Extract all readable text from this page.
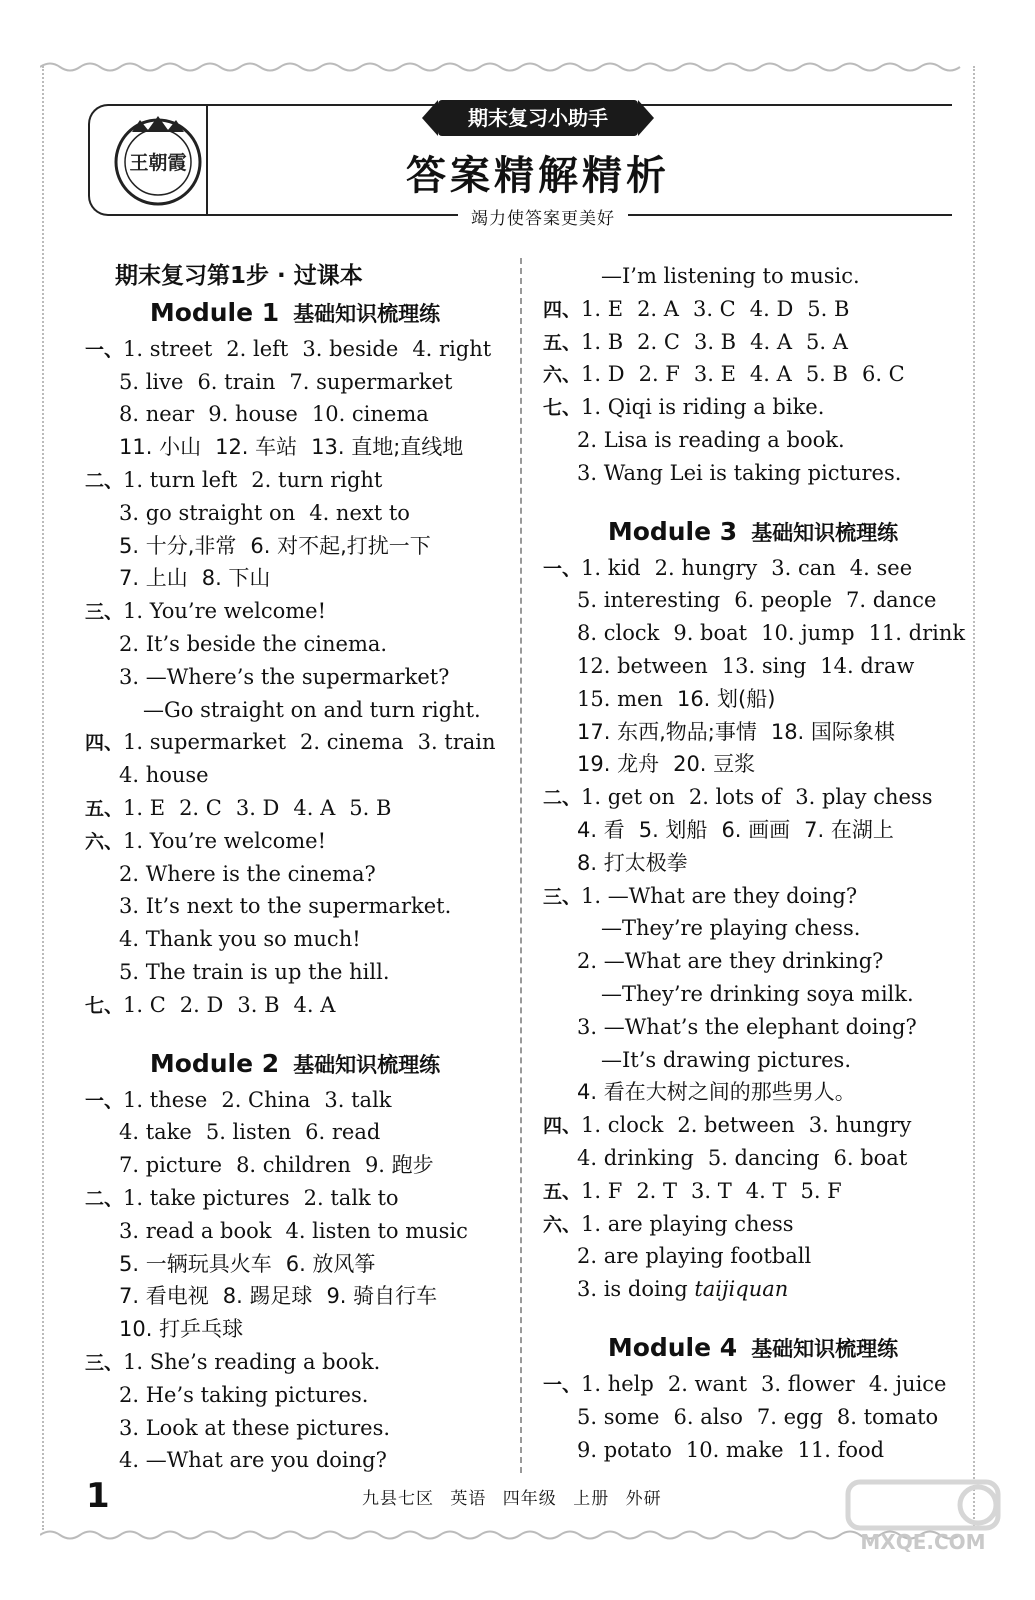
王朝霞
期末复习小助手
答案精解精析
竭力使答案更美好
期末复习第1步 · 过课本
Module 1 基础知识梳理练
一、1. street 2. left 3. beside 4. right
5. live 6. train 7. supermarket
8. near 9. house 10. cinema
11. 小山 12. 车站 13. 直地;直线地
二、1. turn left 2. turn right
3. go straight on 4. next to
5. 十分,非常 6. 对不起,打扰一下
7. 上山 8. 下山
三、1. You’re welcome!
2. It’s beside the cinema.
3. —Where’s the supermarket?
—Go straight on and turn right.
四、1. supermarket 2. cinema 3. train
4. house
五、1. E 2. C 3. D 4. A 5. B
六、1. You’re welcome!
2. Where is the cinema?
3. It’s next to the supermarket.
4. Thank you so much!
5. The train is up the hill.
七、1. C 2. D 3. B 4. A
Module 2 基础知识梳理练
一、1. these 2. China 3. talk
4. take 5. listen 6. read
7. picture 8. children 9. 跑步
二、1. take pictures 2. talk to
3. read a book 4. listen to music
5. 一辆玩具火车 6. 放风筝
7. 看电视 8. 踢足球 9. 骑自行车
10. 打乒乓球
三、1. She’s reading a book.
2. He’s taking pictures.
3. Look at these pictures.
4. —What are you doing?
—I’m listening to music.
四、1. E 2. A 3. C 4. D 5. B
五、1. B 2. C 3. B 4. A 5. A
六、1. D 2. F 3. E 4. A 5. B 6. C
七、1. Qiqi is riding a bike.
2. Lisa is reading a book.
3. Wang Lei is taking pictures.
Module 3 基础知识梳理练
一、1. kid 2. hungry 3. can 4. see
5. interesting 6. people 7. dance
8. clock 9. boat 10. jump 11. drink
12. between 13. sing 14. draw
15. men 16. 划(船)
17. 东西,物品;事情 18. 国际象棋
19. 龙舟 20. 豆浆
二、1. get on 2. lots of 3. play chess
4. 看 5. 划船 6. 画画 7. 在湖上
8. 打太极拳
三、1. —What are they doing?
—They’re playing chess.
2. —What are they drinking?
—They’re drinking soya milk.
3. —What’s the elephant doing?
—It’s drawing pictures.
4. 看在大树之间的那些男人。
四、1. clock 2. between 3. hungry
4. drinking 5. dancing 6. boat
五、1. F 2. T 3. T 4. T 5. F
六、1. are playing chess
2. are playing football
3. is doing taijiquan
Module 4 基础知识梳理练
一、1. help 2. want 3. flower 4. juice
5. some 6. also 7. egg 8. tomato
9. potato 10. make 11. food
1	九县七区 英语 四年级 上册 外研
MXQE.COM
